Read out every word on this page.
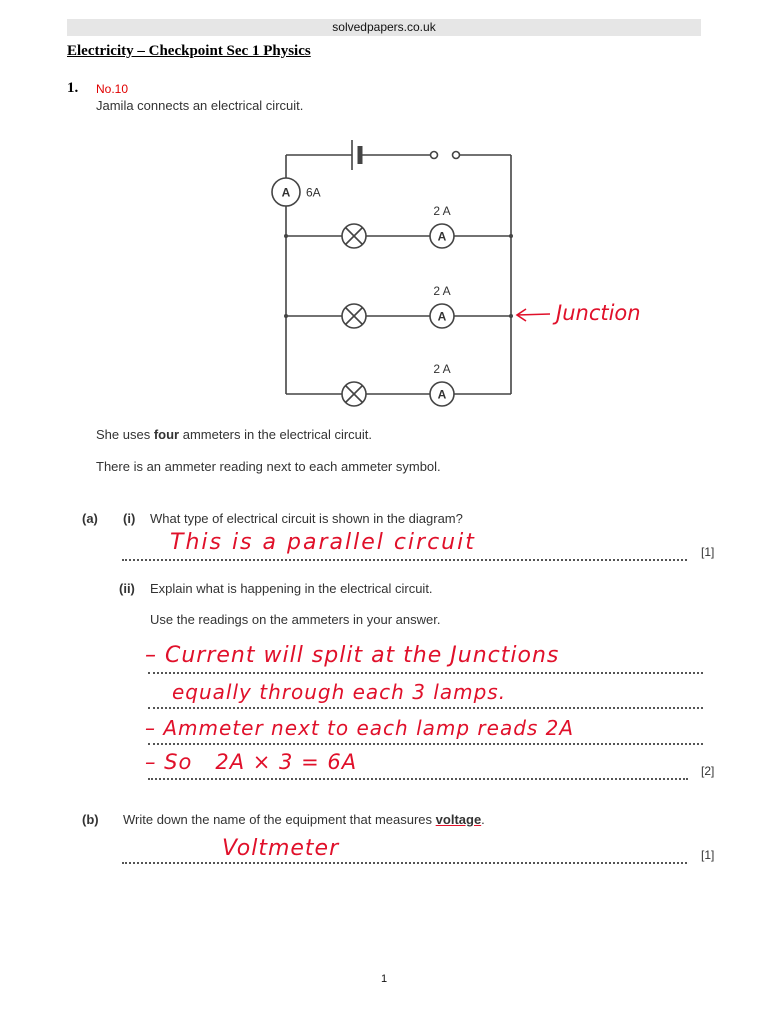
solvedpapers.co.uk
Electricity – Checkpoint Sec 1 Physics
1. No.10
Jamila connects an electrical circuit.
A 6A
A
2 A
A
2 A
A
2 A
Junction
She uses four ammeters in the electrical circuit.
There is an ammeter reading next to each ammeter symbol.
(a) (i) What type of electrical circuit is shown in the diagram?
This is a parallel circuit	[1]
(ii) Explain what is happening in the electrical circuit.
Use the readings on the ammeters in your answer.
– Current will split at the Junctions
equally through each 3 lamps.
– Ammeter next to each lamp reads 2A
– So   2A × 3 = 6A	[2]
(b) Write down the name of the equipment that measures voltage.
Voltmeter	[1]
1
